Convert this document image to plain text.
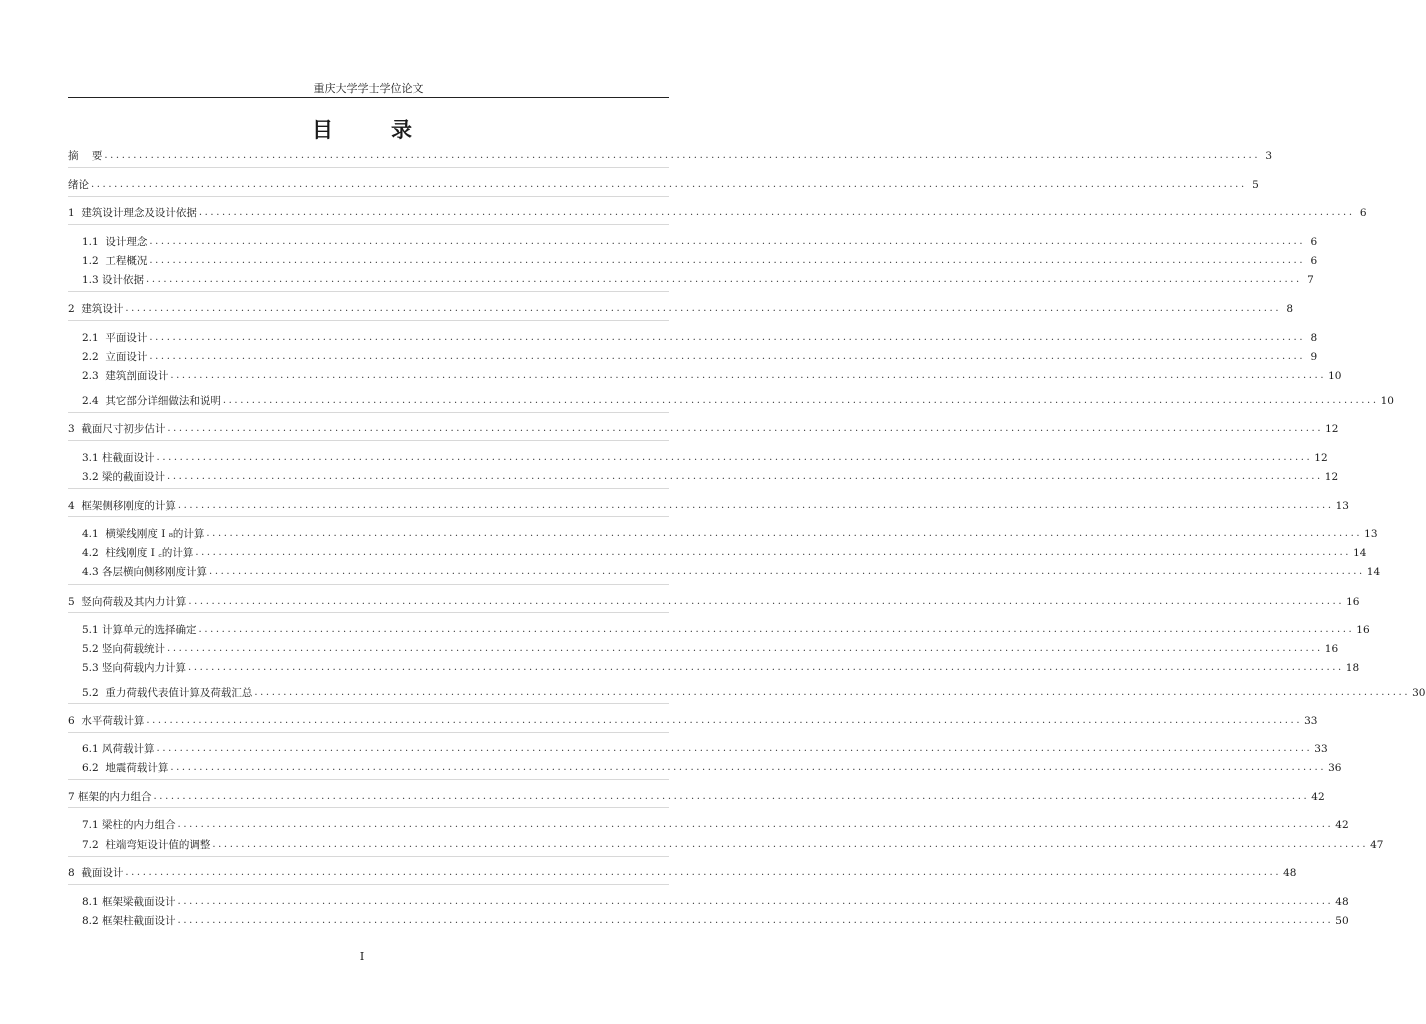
重庆大学学士学位论文
目	录
摘    要 ........................................................................................................................................................................................................ 3
绪论 ........................................................................................................................................................................................................ 5
1  建筑设计理念及设计依据 ........................................................................................................................................................................................................ 6
1.1  设计理念 ........................................................................................................................................................................................................ 6
1.2  工程概况 ........................................................................................................................................................................................................ 6
1.3 设计依据 ........................................................................................................................................................................................................ 7
2  建筑设计 ........................................................................................................................................................................................................ 8
2.1  平面设计 ........................................................................................................................................................................................................ 8
2.2  立面设计 ........................................................................................................................................................................................................ 9
2.3  建筑剖面设计 ........................................................................................................................................................................................................ 10
2.4  其它部分详细做法和说明 ........................................................................................................................................................................................................ 10
3  截面尺寸初步估计 ........................................................................................................................................................................................................ 12
3.1 柱截面设计 ........................................................................................................................................................................................................ 12
3.2 梁的截面设计 ........................................................................................................................................................................................................ 12
4  框架侧移刚度的计算 ........................................................................................................................................................................................................ 13
4.1  横梁线刚度 I ₈的计算 ........................................................................................................................................................................................................ 13
4.2  柱线刚度 I ꜀的计算 ........................................................................................................................................................................................................ 14
4.3 各层横向侧移刚度计算 ........................................................................................................................................................................................................ 14
5  竖向荷载及其内力计算 ........................................................................................................................................................................................................ 16
5.1 计算单元的选择确定 ........................................................................................................................................................................................................ 16
5.2 竖向荷载统计 ........................................................................................................................................................................................................ 16
5.3 竖向荷载内力计算 ........................................................................................................................................................................................................ 18
5.2  重力荷载代表值计算及荷载汇总 ........................................................................................................................................................................................................ 30
6  水平荷载计算 ........................................................................................................................................................................................................ 33
6.1 风荷载计算 ........................................................................................................................................................................................................ 33
6.2  地震荷载计算 ........................................................................................................................................................................................................ 36
7 框架的内力组合 ........................................................................................................................................................................................................ 42
7.1 梁柱的内力组合 ........................................................................................................................................................................................................ 42
7.2  柱端弯矩设计值的调整 ........................................................................................................................................................................................................ 47
8  截面设计 ........................................................................................................................................................................................................ 48
8.1 框架梁截面设计 ........................................................................................................................................................................................................ 48
8.2 框架柱截面设计 ........................................................................................................................................................................................................ 50
I
